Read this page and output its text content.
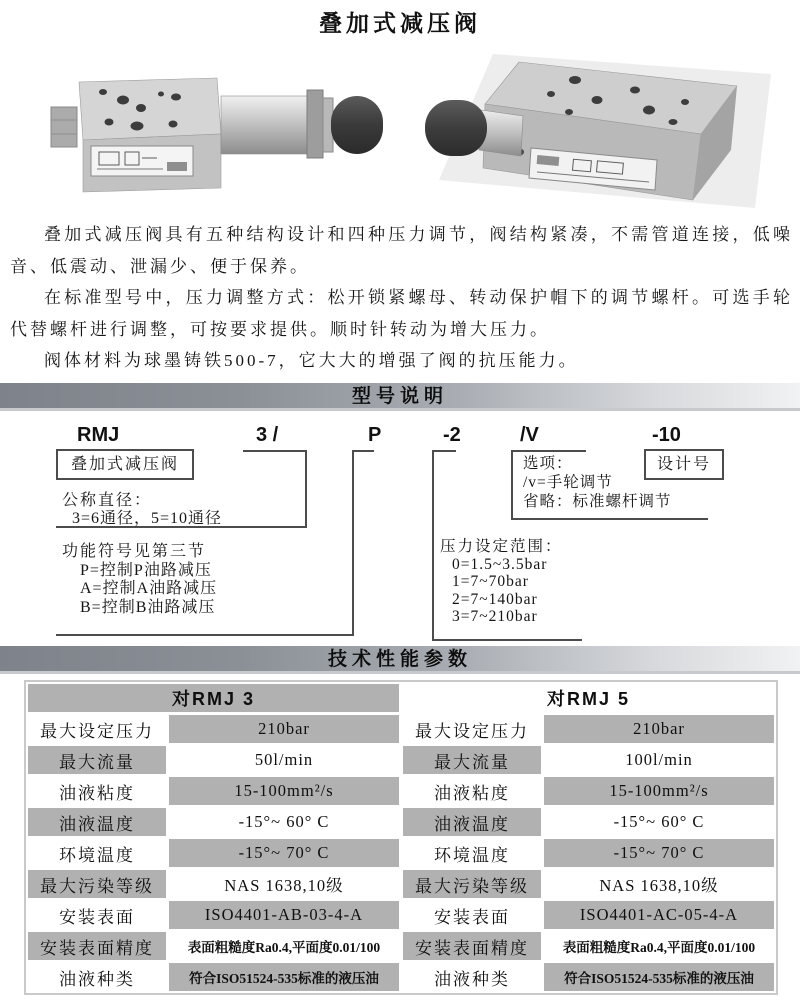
叠加式减压阀

叠加式减压阀具有五种结构设计和四种压力调节，阀结构紧凑，不需管道连接，低噪音、低震动、泄漏少、便于保养。

在标准型号中，压力调整方式：松开锁紧螺母、转动保护帽下的调节螺杆。可选手轮代替螺杆进行调整，可按要求提供。顺时针转动为增大压力。

阀体材料为球墨铸铁500-7，它大大的增强了阀的抗压能力。

型号说明
RMJ	3 /	P	-2	/V	-10
叠加式减压阀
公称直径：
3=6通径，5=10通径
功能符号见第三节
P=控制P油路减压
A=控制A油路减压
B=控制B油路减压
压力设定范围：
0=1.5~3.5bar
1=7~70bar
2=7~140bar
3=7~210bar
选项：
/v=手轮调节
省略：标准螺杆调节
设计号
技术性能参数
对RMJ 3
最大设定压力	210bar
最大流量	50l/min
油液粘度	15-100mm²/s
油液温度	-15°~ 60° C
环境温度	-15°~ 70° C
最大污染等级	NAS 1638,10级
安装表面	ISO4401-AB-03-4-A
安装表面精度	表面粗糙度Ra0.4,平面度0.01/100
油液种类	符合ISO51524-535标准的液压油
对RMJ 5
最大设定压力	210bar
最大流量	100l/min
油液粘度	15-100mm²/s
油液温度	-15°~ 60° C
环境温度	-15°~ 70° C
最大污染等级	NAS 1638,10级
安装表面	ISO4401-AC-05-4-A
安装表面精度	表面粗糙度Ra0.4,平面度0.01/100
油液种类	符合ISO51524-535标准的液压油
